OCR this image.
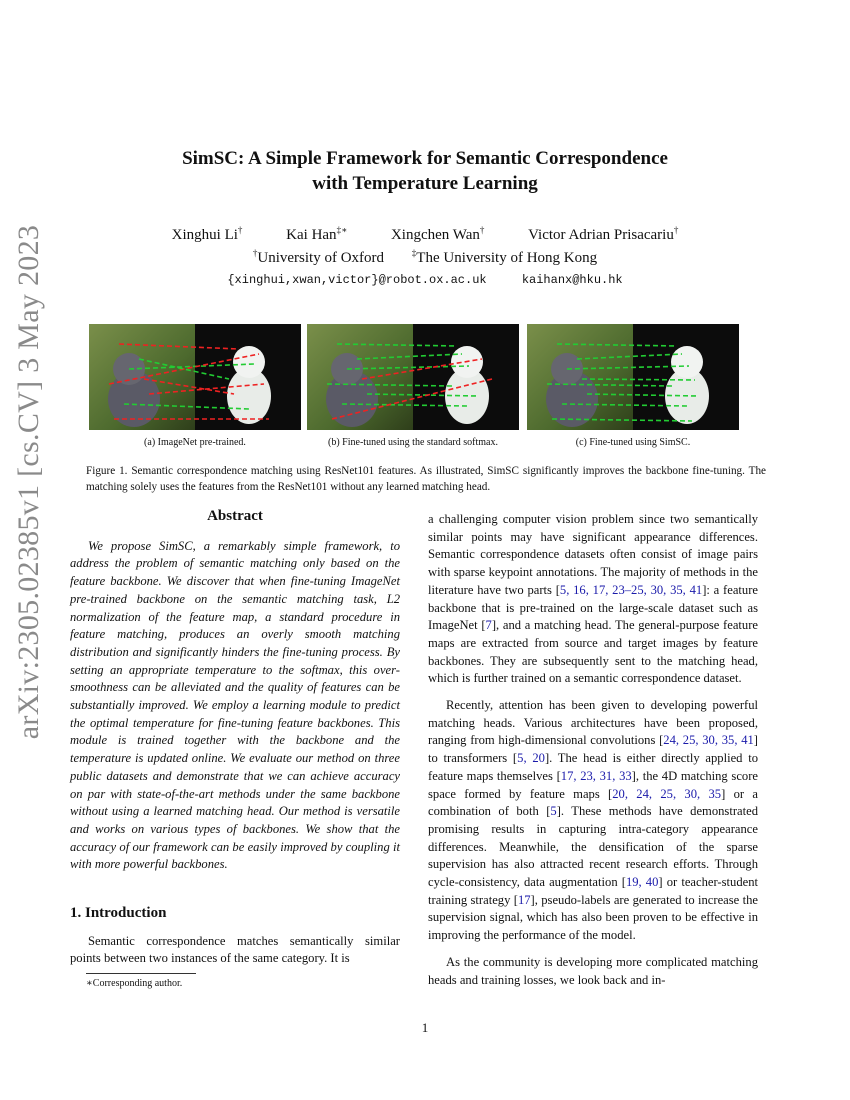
arXiv:2305.02385v1 [cs.CV] 3 May 2023
SimSC: A Simple Framework for Semantic Correspondence
with Temperature Learning
Xinghui Li†	Kai Han‡∗	Xingchen Wan†	Victor Adrian Prisacariu†
†University of Oxford	‡The University of Hong Kong
{xinghui,xwan,victor}@robot.ox.ac.uk	kaihanx@hku.hk
(a) ImageNet pre-trained.	(b) Fine-tuned using the standard softmax.	(c) Fine-tuned using SimSC.
Figure 1. Semantic correspondence matching using ResNet101 features. As illustrated, SimSC significantly improves the backbone fine-tuning. The matching solely uses the features from the ResNet101 without any learned matching head.
Abstract

We propose SimSC, a remarkably simple framework, to address the problem of semantic matching only based on the feature backbone. We discover that when fine-tuning ImageNet pre-trained backbone on the semantic matching task, L2 normalization of the feature map, a standard procedure in feature matching, produces an overly smooth matching distribution and significantly hinders the fine-tuning process. By setting an appropriate temperature to the softmax, this over-smoothness can be alleviated and the quality of features can be substantially improved. We employ a learning module to predict the optimal temperature for fine-tuning feature backbones. This module is trained together with the backbone and the temperature is updated online. We evaluate our method on three public datasets and demonstrate that we can achieve accuracy on par with state-of-the-art methods under the same backbone without using a learned matching head. Our method is versatile and works on various types of backbones. We show that the accuracy of our framework can be easily improved by coupling it with more powerful backbones.

1. Introduction

Semantic correspondence matches semantically similar points between two instances of the same category. It is

∗Corresponding author.

a challenging computer vision problem since two semantically similar points may have significant appearance differences. Semantic correspondence datasets often consist of image pairs with sparse keypoint annotations. The majority of methods in the literature have two parts [5, 16, 17, 23–25, 30, 35, 41]: a feature backbone that is pre-trained on the large-scale dataset such as ImageNet [7], and a matching head. The general-purpose feature maps are extracted from source and target images by feature backbones. They are subsequently sent to the matching head, which is further trained on a semantic correspondence dataset.

Recently, attention has been given to developing powerful matching heads. Various architectures have been proposed, ranging from high-dimensional convolutions [24, 25, 30, 35, 41] to transformers [5, 20]. The head is either directly applied to feature maps themselves [17, 23, 31, 33], the 4D matching score space formed by feature maps [20, 24, 25, 30, 35] or a combination of both [5]. These methods have demonstrated promising results in capturing intra-category appearance differences. Meanwhile, the densification of the sparse supervision has also attracted recent research efforts. Through cycle-consistency, data augmentation [19, 40] or teacher-student training strategy [17], pseudo-labels are generated to increase the supervision signal, which has also been proven to be effective in improving the performance of the model.

As the community is developing more complicated matching heads and training losses, we look back and in-

1
